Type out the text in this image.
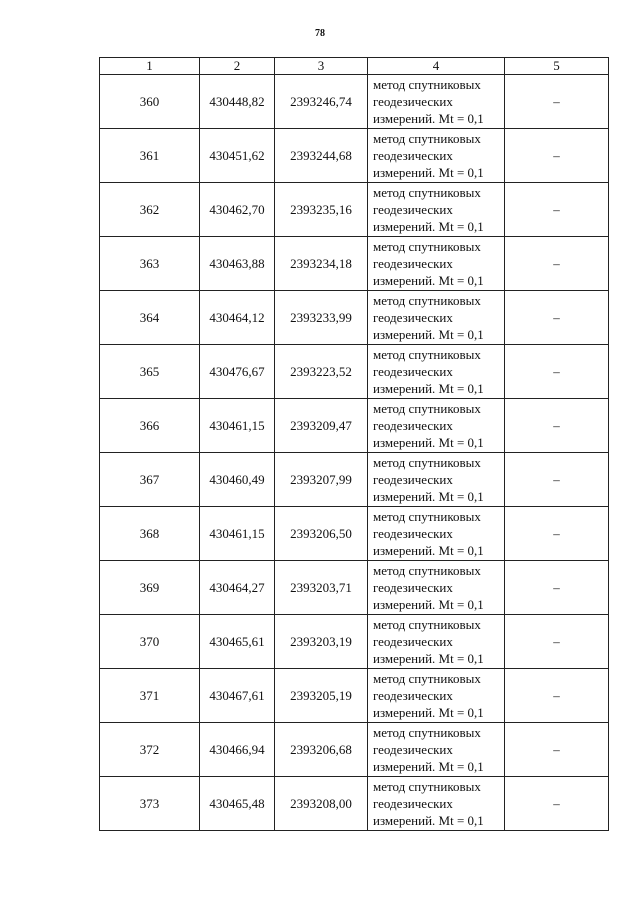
78
1	2	3	4	5
360	430448,82	2393246,74	метод спутниковых
геодезических
измерений. Mt = 0,1	–
361	430451,62	2393244,68	метод спутниковых
геодезических
измерений. Mt = 0,1	–
362	430462,70	2393235,16	метод спутниковых
геодезических
измерений. Mt = 0,1	–
363	430463,88	2393234,18	метод спутниковых
геодезических
измерений. Mt = 0,1	–
364	430464,12	2393233,99	метод спутниковых
геодезических
измерений. Mt = 0,1	–
365	430476,67	2393223,52	метод спутниковых
геодезических
измерений. Mt = 0,1	–
366	430461,15	2393209,47	метод спутниковых
геодезических
измерений. Mt = 0,1	–
367	430460,49	2393207,99	метод спутниковых
геодезических
измерений. Mt = 0,1	–
368	430461,15	2393206,50	метод спутниковых
геодезических
измерений. Mt = 0,1	–
369	430464,27	2393203,71	метод спутниковых
геодезических
измерений. Mt = 0,1	–
370	430465,61	2393203,19	метод спутниковых
геодезических
измерений. Mt = 0,1	–
371	430467,61	2393205,19	метод спутниковых
геодезических
измерений. Mt = 0,1	–
372	430466,94	2393206,68	метод спутниковых
геодезических
измерений. Mt = 0,1	–
373	430465,48	2393208,00	метод спутниковых
геодезических
измерений. Mt = 0,1	–
